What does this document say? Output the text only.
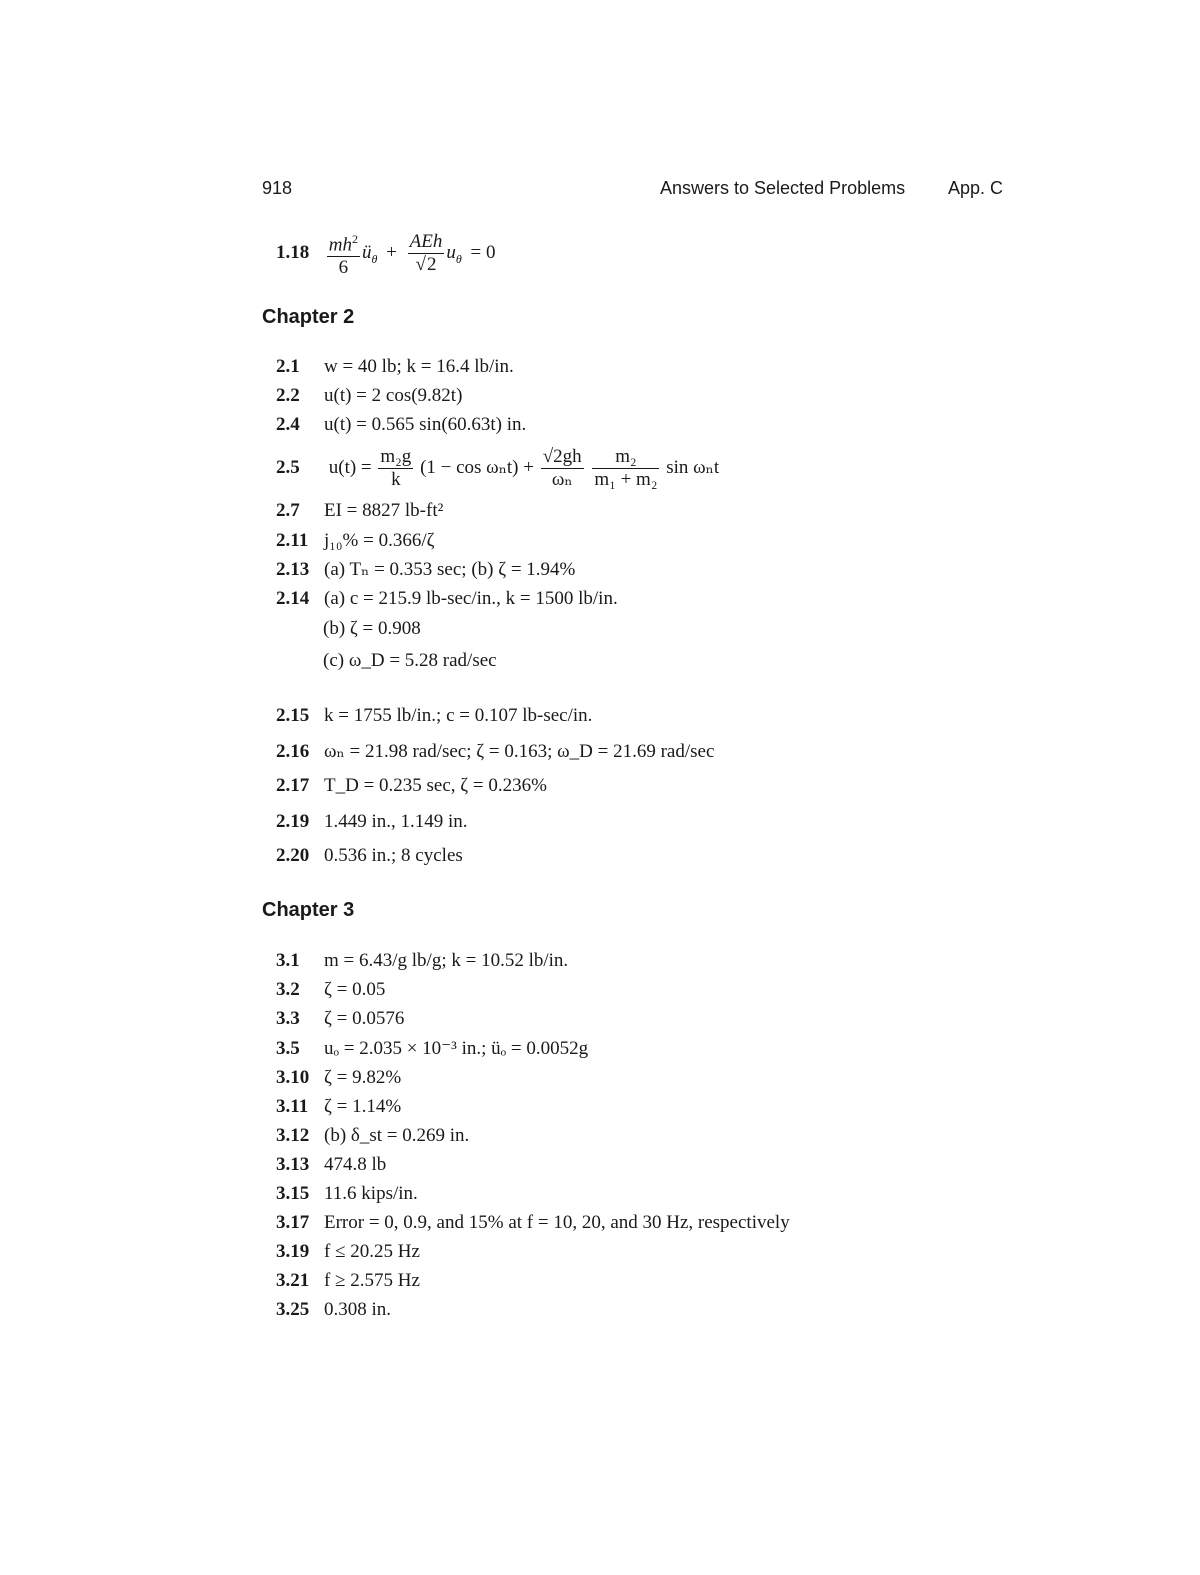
918	Answers to Selected Problems App. C
$1.18 \frac{mh^2}{6}$ $ü_\theta + \frac{\text{AEh}}{√2} u_\theta = 0$
Chapter 2
2.1 w = 40 lb; k = 16.4 lb/in.
2.2 u(t) = 2 cos(9.82t)
2.4 u(t) = 0.565 sin(60.63t) in.
2.5 $u(t) = \frac{\text{m₂g}}{k} (1 - \cos \omega_nt) + \frac{√2gh}{\text{ωₙ}}$
$\frac{\text{m₂}}{\text{m₁ + m₂}}$ sin ωₙt
2.7 EI = 8827 lb-ft²
2.11 j₁₀% = 0.366/ζ
2.13 (a) Tₙ = 0.353 sec; (b) ζ = 1.94%
2.14 (a) c = 215.9 lb-sec/in., k = 1500 lb/in.
(b) ζ = 0.908
(c) ω_D = 5.28 rad/sec
2.15 k = 1755 lb/in.; c = 0.107 lb-sec/in.
2.16 ωₙ = 21.98 rad/sec; ζ = 0.163; ω_D = 21.69 rad/sec
2.17 T_D = 0.235 sec, ζ = 0.236%
2.19 1.449 in., 1.149 in.
2.20 0.536 in.; 8 cycles
Chapter 3
3.1 m = 6.43/g lb/g; k = 10.52 lb/in.
3.2 ζ = 0.05
3.3 ζ = 0.0576
3.5 uₒ = 2.035 × 10⁻³ in.; üₒ = 0.0052g
3.10 ζ = 9.82%
3.11 ζ = 1.14%
3.12 (b) δ_st = 0.269 in.
3.13 474.8 lb
3.15 11.6 kips/in.
3.17 Error = 0, 0.9, and 15% at f = 10, 20, and 30 Hz, respectively
3.19 f ≤ 20.25 Hz
3.21 f ≥ 2.575 Hz
3.25 0.308 in.
